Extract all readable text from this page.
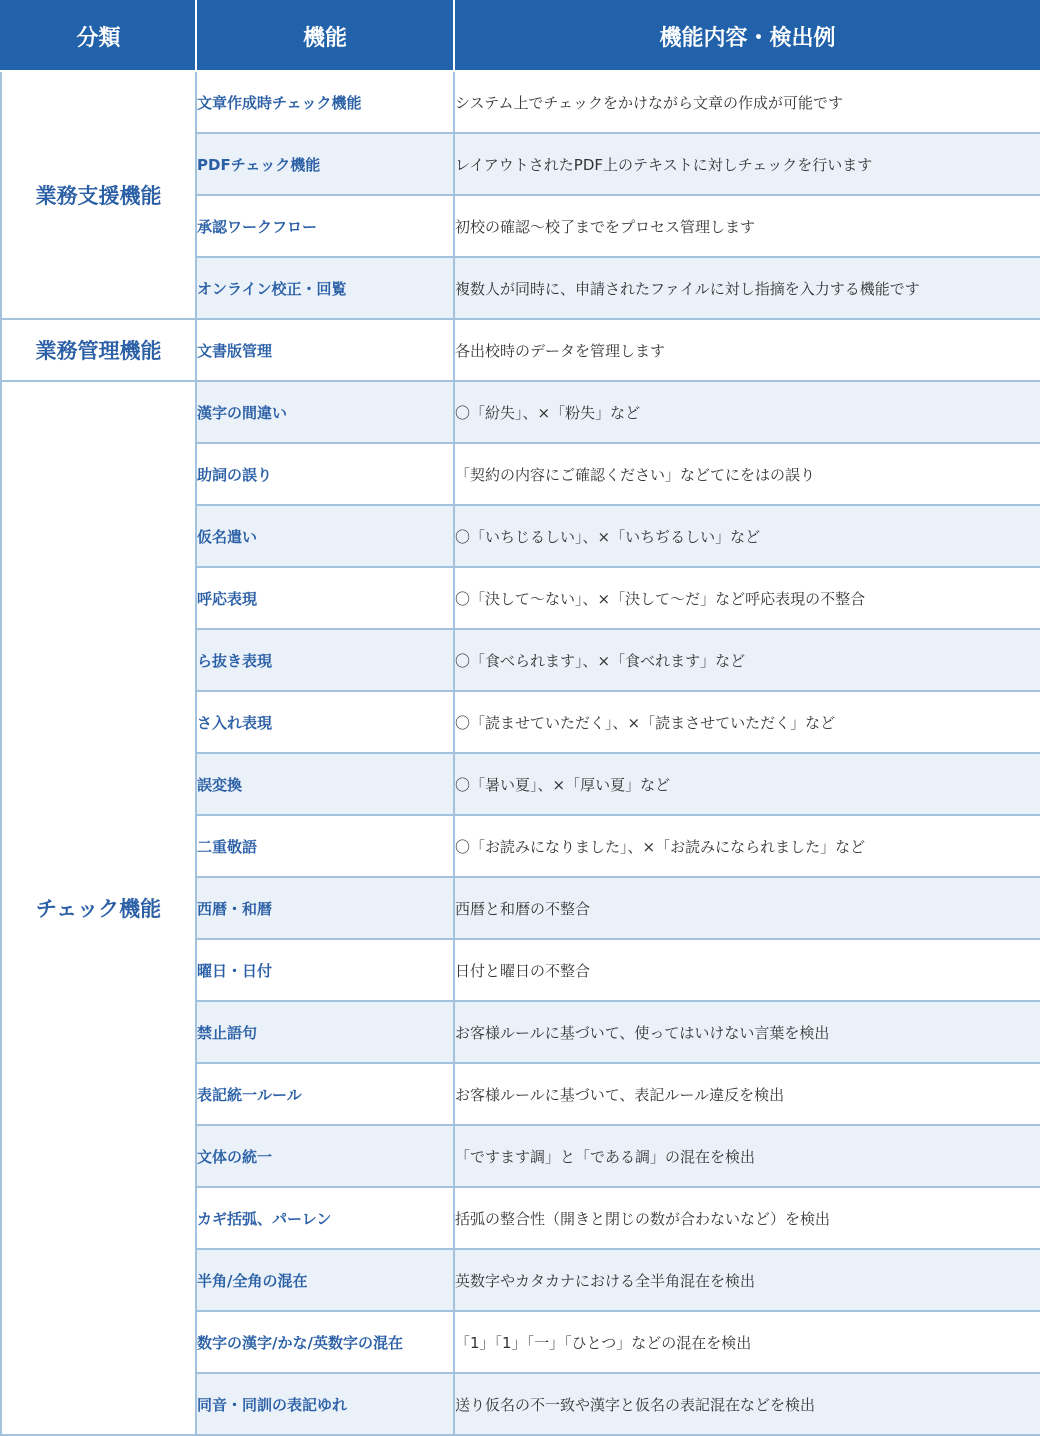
分類	機能	機能内容・検出例
業務支援機能	文章作成時チェック機能	システム上でチェックをかけながら文章の作成が可能です
	PDFチェック機能	レイアウトされたPDF上のテキストに対しチェックを行います
	承認ワークフロー	初校の確認〜校了までをプロセス管理します
	オンライン校正・回覧	複数人が同時に、申請されたファイルに対し指摘を入力する機能です
業務管理機能	文書版管理	各出校時のデータを管理します
チェック機能	漢字の間違い	〇「紛失」、×「粉失」など
	助詞の誤り	「契約の内容にご確認ください」などてにをはの誤り
	仮名遣い	〇「いちじるしい」、×「いちぢるしい」など
	呼応表現	〇「決して〜ない」、×「決して〜だ」など呼応表現の不整合
	ら抜き表現	〇「食べられます」、×「食べれます」など
	さ入れ表現	〇「読ませていただく」、×「読まさせていただく」など
	誤変換	〇「暑い夏」、×「厚い夏」など
	二重敬語	〇「お読みになりました」、×「お読みになられました」など
	西暦・和暦	西暦と和暦の不整合
	曜日・日付	日付と曜日の不整合
	禁止語句	お客様ルールに基づいて、使ってはいけない言葉を検出
	表記統一ルール	お客様ルールに基づいて、表記ルール違反を検出
	文体の統一	「ですます調」と「である調」の混在を検出
	カギ括弧、パーレン	括弧の整合性（開きと閉じの数が合わないなど）を検出
	半角/全角の混在	英数字やカタカナにおける全半角混在を検出
	数字の漢字/かな/英数字の混在	「1」「1」「一」「ひとつ」などの混在を検出
	同音・同訓の表記ゆれ	送り仮名の不一致や漢字と仮名の表記混在などを検出
